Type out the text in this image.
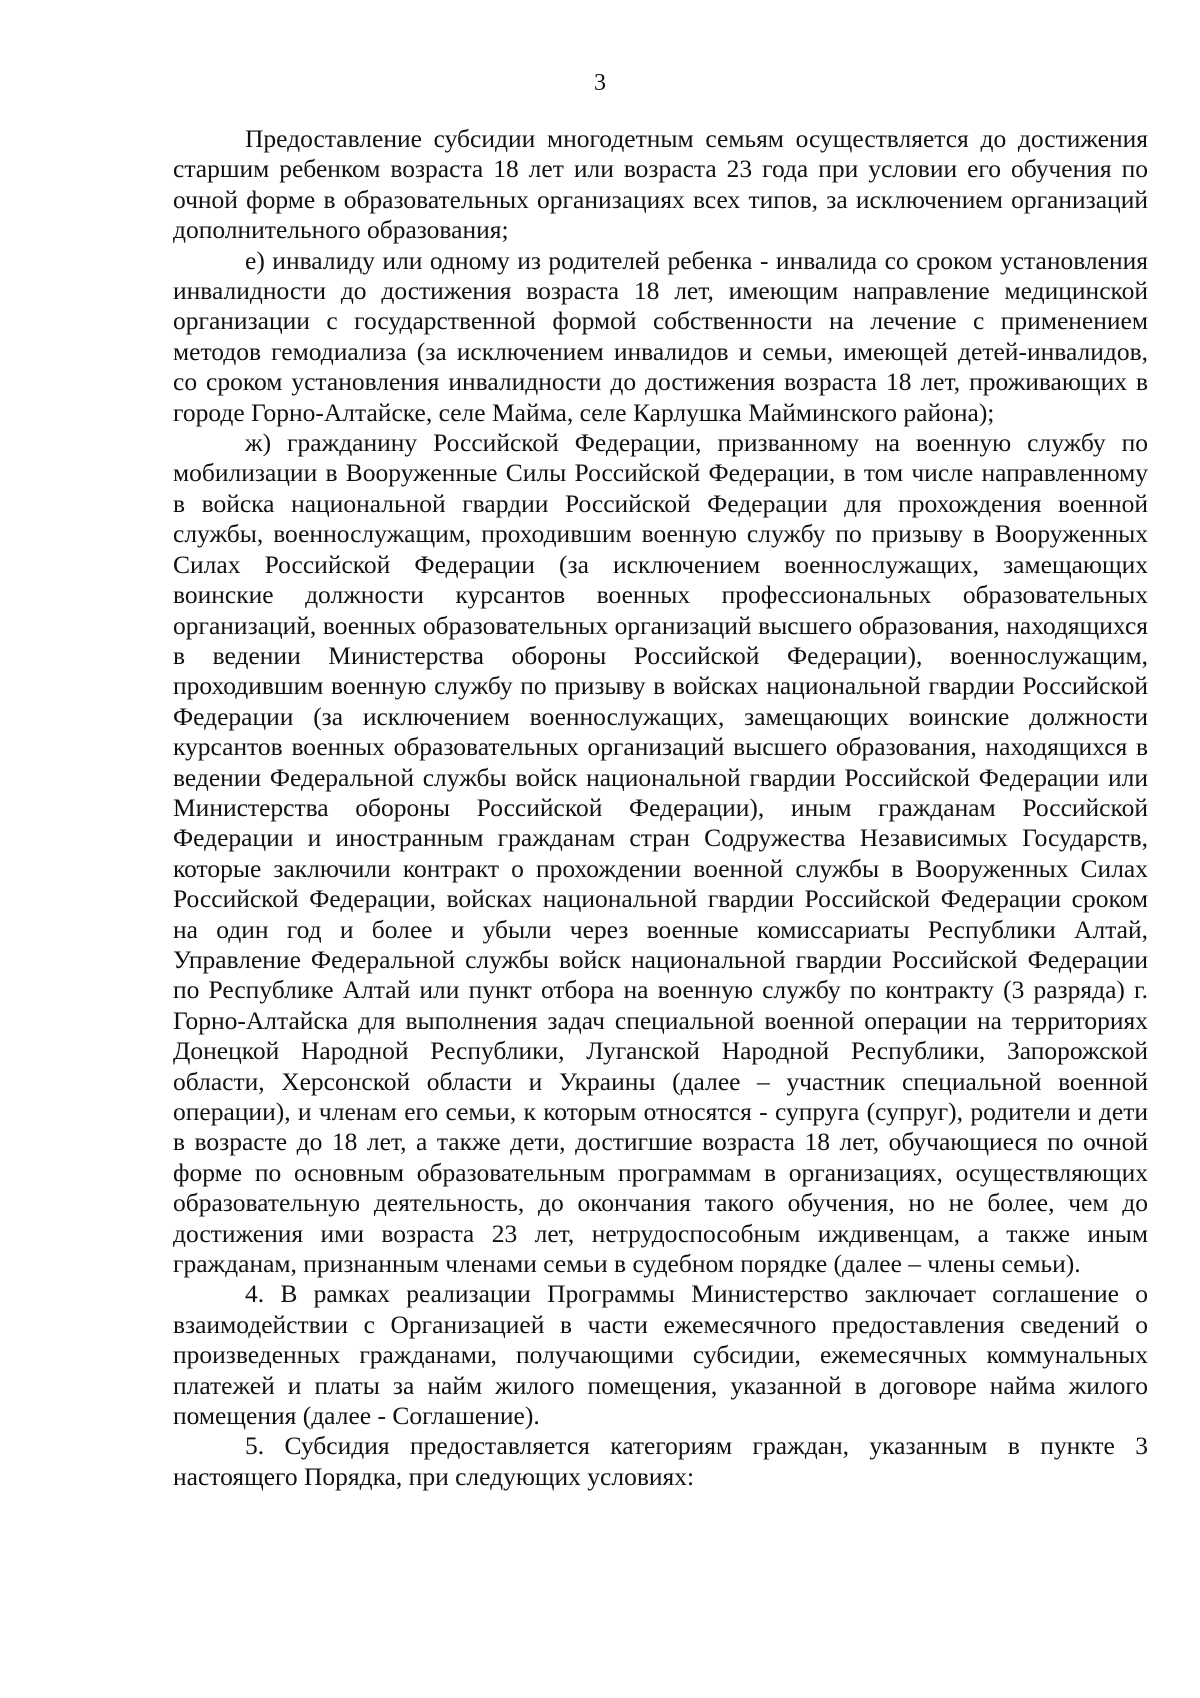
3

Предоставление субсидии многодетным семьям осуществляется до достижения старшим ребенком возраста 18 лет или возраста 23 года при условии его обучения по очной форме в образовательных организациях всех типов, за исключением организаций дополнительного образования;

е) инвалиду или одному из родителей ребенка - инвалида со сроком установления инвалидности до достижения возраста 18 лет, имеющим направление медицинской организации с государственной формой собственности на лечение с применением методов гемодиализа (за исключением инвалидов и семьи, имеющей детей-инвалидов, со сроком установления инвалидности до достижения возраста 18 лет, проживающих в городе Горно-Алтайске, селе Майма, селе Карлушка Майминского района);

ж) гражданину Российской Федерации, призванному на военную службу по мобилизации в Вооруженные Силы Российской Федерации, в том числе направленному в войска национальной гвардии Российской Федерации для прохождения военной службы, военнослужащим, проходившим военную службу по призыву в Вооруженных Силах Российской Федерации (за исключением военнослужащих, замещающих воинские должности курсантов военных профессиональных образовательных организаций, военных образовательных организаций высшего образования, находящихся в ведении Министерства обороны Российской Федерации), военнослужащим, проходившим военную службу по призыву в войсках национальной гвардии Российской Федерации (за исключением военнослужащих, замещающих воинские должности курсантов военных образовательных организаций высшего образования, находящихся в ведении Федеральной службы войск национальной гвардии Российской Федерации или Министерства обороны Российской Федерации), иным гражданам Российской Федерации и иностранным гражданам стран Содружества Независимых Государств, которые заключили контракт о прохождении военной службы в Вооруженных Силах Российской Федерации, войсках национальной гвардии Российской Федерации сроком на один год и более и убыли через военные комиссариаты Республики Алтай, Управление Федеральной службы войск национальной гвардии Российской Федерации по Республике Алтай или пункт отбора на военную службу по контракту (3 разряда) г. Горно-Алтайска для выполнения задач специальной военной операции на территориях Донецкой Народной Республики, Луганской Народной Республики, Запорожской области, Херсонской области и Украины (далее – участник специальной военной операции), и членам его семьи, к которым относятся - супруга (супруг), родители и дети в возрасте до 18 лет, а также дети, достигшие возраста 18 лет, обучающиеся по очной форме по основным образовательным программам в организациях, осуществляющих образовательную деятельность, до окончания такого обучения, но не более, чем до достижения ими возраста 23 лет, нетрудоспособным иждивенцам, а также иным гражданам, признанным членами семьи в судебном порядке (далее – члены семьи).

4. В рамках реализации Программы Министерство заключает соглашение о взаимодействии с Организацией в части ежемесячного предоставления сведений о произведенных гражданами, получающими субсидии, ежемесячных коммунальных платежей и платы за найм жилого помещения, указанной в договоре найма жилого помещения (далее - Соглашение).

5. Субсидия предоставляется категориям граждан, указанным в пункте 3 настоящего Порядка, при следующих условиях:
